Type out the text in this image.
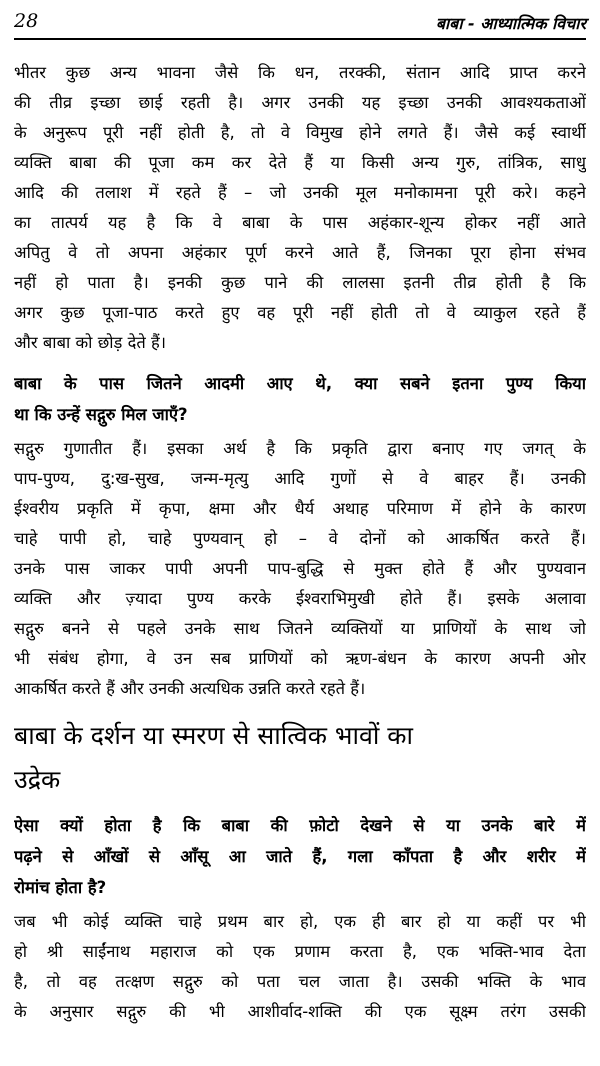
28	बाबा - आध्यात्मिक विचार
भीतर कुछ अन्य भावना जैसे कि धन, तरक्की, संतान आदि प्राप्त करने
की तीव्र इच्छा छाई रहती है। अगर उनकी यह इच्छा उनकी आवश्यकताओं
के अनुरूप पूरी नहीं होती है, तो वे विमुख होने लगते हैं। जैसे कई स्वार्थी
व्यक्ति बाबा की पूजा कम कर देते हैं या किसी अन्य गुरु, तांत्रिक, साधु
आदि की तलाश में रहते हैं – जो उनकी मूल मनोकामना पूरी करे। कहने
का तात्पर्य यह है कि वे बाबा के पास अहंकार-शून्य होकर नहीं आते
अपितु वे तो अपना अहंकार पूर्ण करने आते हैं, जिनका पूरा होना संभव
नहीं हो पाता है। इनकी कुछ पाने की लालसा इतनी तीव्र होती है कि
अगर कुछ पूजा-पाठ करते हुए वह पूरी नहीं होती तो वे व्याकुल रहते हैं
और बाबा को छोड़ देते हैं।
बाबा के पास जितने आदमी आए थे, क्या सबने इतना पुण्य किया
था कि उन्हें सद्गुरु मिल जाएँ?
सद्गुरु गुणातीत हैं। इसका अर्थ है कि प्रकृति द्वारा बनाए गए जगत् के
पाप-पुण्य, दु:ख-सुख, जन्म-मृत्यु आदि गुणों से वे बाहर हैं। उनकी
ईश्वरीय प्रकृति में कृपा, क्षमा और धैर्य अथाह परिमाण में होने के कारण
चाहे पापी हो, चाहे पुण्यवान् हो – वे दोनों को आकर्षित करते हैं।
उनके पास जाकर पापी अपनी पाप-बुद्धि से मुक्त होते हैं और पुण्यवान
व्यक्ति और ज़्यादा पुण्य करके ईश्वराभिमुखी होते हैं। इसके अलावा
सद्गुरु बनने से पहले उनके साथ जितने व्यक्तियों या प्राणियों के साथ जो
भी संबंध होगा, वे उन सब प्राणियों को ऋण-बंधन के कारण अपनी ओर
आकर्षित करते हैं और उनकी अत्यधिक उन्नति करते रहते हैं।
बाबा के दर्शन या स्मरण से सात्विक भावों का
उद्रेक
ऐसा क्यों होता है कि बाबा की फ़ोटो देखने से या उनके बारे में
पढ़ने से आँखों से आँसू आ जाते हैं, गला काँपता है और शरीर में
रोमांच होता है?
जब भी कोई व्यक्ति चाहे प्रथम बार हो, एक ही बार हो या कहीं पर भी
हो श्री साईंनाथ महाराज को एक प्रणाम करता है, एक भक्ति-भाव देता
है, तो वह तत्क्षण सद्गुरु को पता चल जाता है। उसकी भक्ति के भाव
के अनुसार सद्गुरु की भी आशीर्वाद-शक्ति की एक सूक्ष्म तरंग उसकी
